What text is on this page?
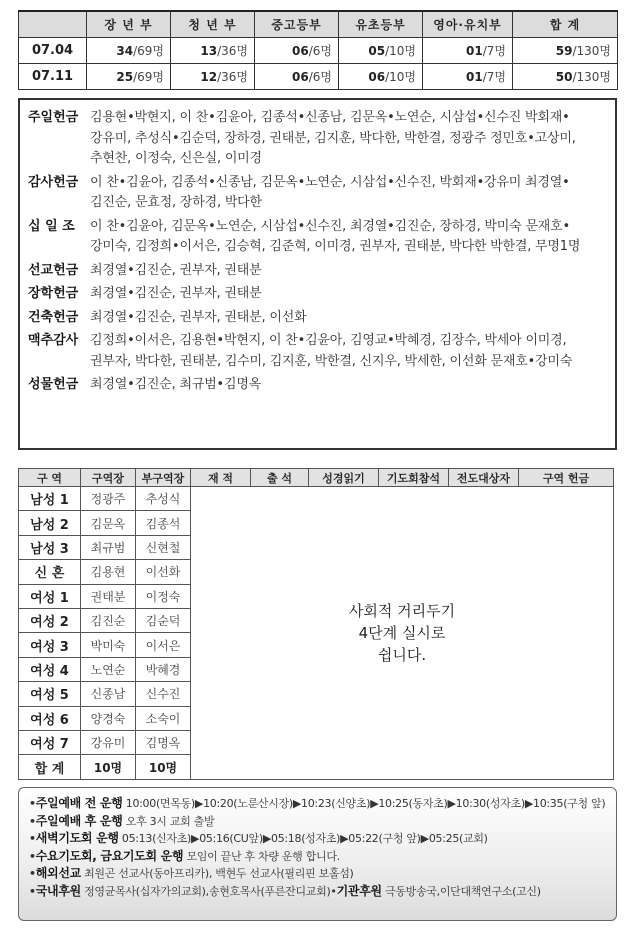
	장 년 부	청 년 부	중고등부	유초등부	영아·유치부	합 계
07.04	34/69명	13/36명	06/6명	05/10명	01/7명	59/130명
07.11	25/69명	12/36명	06/6명	06/10명	01/7명	50/130명
주일헌금 김용현•박현지, 이 찬•김윤아, 김종석•신종남, 김문옥•노연순, 시삼섭•신수진 박회재•강유미, 추성식•김순덕, 장하경, 권태분, 김지훈, 박다한, 박한결, 정광주 정민호•고상미, 추현찬, 이정숙, 신은실, 이미경
감사헌금 이 찬•김윤아, 김종석•신종남, 김문옥•노연순, 시삼섭•신수진, 박회재•강유미 최경열•김진순, 문효정, 장하경, 박다한
십 일 조	이 찬•김윤아, 김문옥•노연순, 시삼섭•신수진, 최경열•김진순, 장하경, 박미숙 문재호•강미숙, 김정희•이서은, 김승혁, 김준혁, 이미경, 권부자, 권태분, 박다한 박한결, 무명1명
선교헌금 최경열•김진순, 권부자, 권태분
장학헌금 최경열•김진순, 권부자, 권태분
건축헌금 최경열•김진순, 권부자, 권태분, 이선화
맥추감사 김정희•이서은, 김용현•박현지, 이 찬•김윤아, 김영교•박혜경, 김장수, 박세아 이미경, 권부자, 박다한, 권태분, 김수미, 김지훈, 박한결, 신지우, 박세한, 이선화 문재호•강미숙
성물헌금 최경열•김진순, 최규범•김명옥
구 역	구역장	부구역장	재 적	출 석	성경읽기	기도회참석	전도대상자	구역 헌금
남성 1	정광주	추성식	사회적 거리두기
4단계 실시로
쉽니다.					

남성 2	김문옥	김종석						
남성 3	최규범	신현철						
신 혼	김용현	이선화						
여성 1	권태분	이정숙						
여성 2	김진순	김순덕						
여성 3	박미숙	이서은						
여성 4	노연순	박혜경						
여성 5	신종남	신수진						
여성 6	양경숙	소숙이						
여성 7	강유미	김명옥						
합 계	10명	10명						
•주일예배 전 운행 10:00(면목동)▶10:20(노룬산시장)▶10:23(신양초)▶10:25(동자초)▶10:30(성자초)▶10:35(구청 앞)
•주일예배 후 운행 오후 3시 교회 출발
•새벽기도회 운행 05:13(신자초)▶05:16(CU앞)▶05:18(성자초)▶05:22(구청 앞)▶05:25(교회)
•수요기도회, 금요기도회 운행 모임이 끝난 후 차량 운행 합니다.
•해외선교 최원곤 선교사(동아프리카), 백현두 선교사(필리핀 보홀섬)
•국내후원 정영균목사(십자가의교회),송현호목사(푸른잔디교회)•기관후원 극동방송국,이단대책연구소(고신)
